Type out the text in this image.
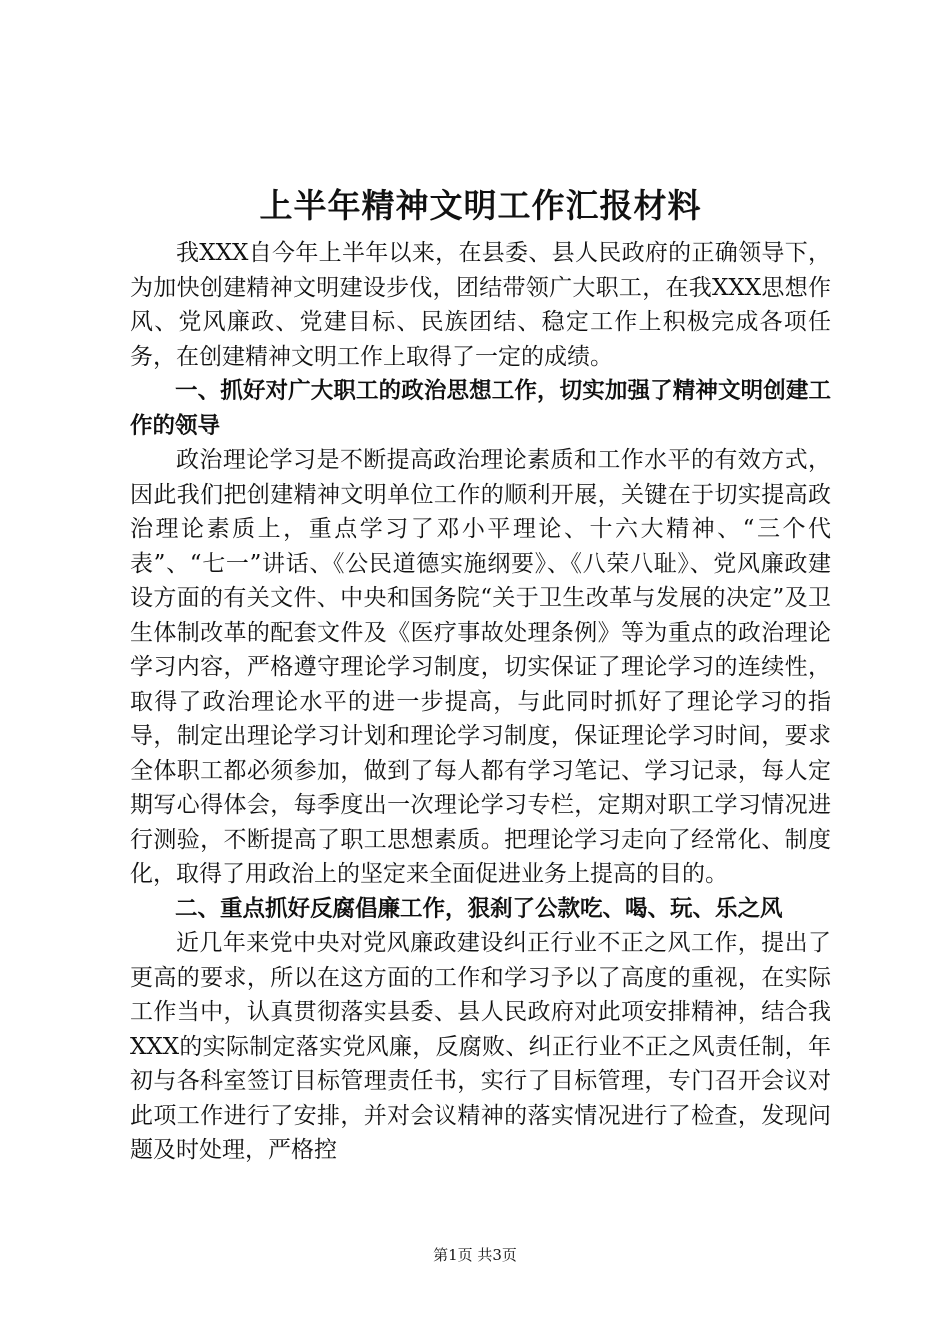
上半年精神文明工作汇报材料

我XXX自今年上半年以来，在县委、县人民政府的正确领导下，为加快创建精神文明建设步伐，团结带领广大职工，在我XXX思想作风、党风廉政、党建目标、民族团结、稳定工作上积极完成各项任务，在创建精神文明工作上取得了一定的成绩。

一、抓好对广大职工的政治思想工作，切实加强了精神文明创建工作的领导

政治理论学习是不断提高政治理论素质和工作水平的有效方式，因此我们把创建精神文明单位工作的顺利开展，关键在于切实提高政治理论素质上，重点学习了邓小平理论、十六大精神、“三个代表”、“七一”讲话、《公民道德实施纲要》、《八荣八耻》、党风廉政建设方面的有关文件、中央和国务院“关于卫生改革与发展的决定”及卫生体制改革的配套文件及《医疗事故处理条例》等为重点的政治理论学习内容，严格遵守理论学习制度，切实保证了理论学习的连续性，取得了政治理论水平的进一步提高，与此同时抓好了理论学习的指导，制定出理论学习计划和理论学习制度，保证理论学习时间，要求全体职工都必须参加，做到了每人都有学习笔记、学习记录，每人定期写心得体会，每季度出一次理论学习专栏，定期对职工学习情况进行测验，不断提高了职工思想素质。把理论学习走向了经常化、制度化，取得了用政治上的坚定来全面促进业务上提高的目的。

二、重点抓好反腐倡廉工作，狠刹了公款吃、喝、玩、乐之风

近几年来党中央对党风廉政建设纠正行业不正之风工作，提出了更高的要求，所以在这方面的工作和学习予以了高度的重视，在实际工作当中，认真贯彻落实县委、县人民政府对此项安排精神，结合我XXX的实际制定落实党风廉，反腐败、纠正行业不正之风责任制，年初与各科室签订目标管理责任书，实行了目标管理，专门召开会议对此项工作进行了安排，并对会议精神的落实情况进行了检查，发现问题及时处理，严格控

第1页 共3页
